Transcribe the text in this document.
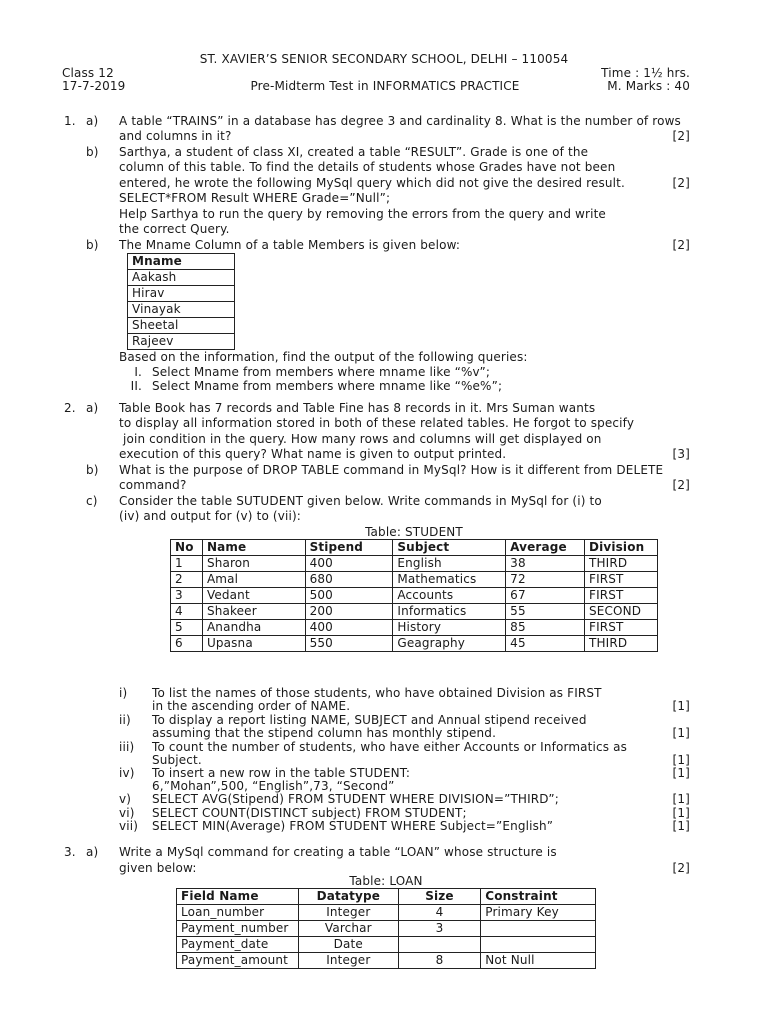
ST. XAVIER’S SENIOR SECONDARY SCHOOL, DELHI – 110054
Class 12
17-7-2019	Pre-Midterm Test in INFORMATICS PRACTICE
Time : 1½ hrs.
M. Marks : 40
1. a) A table “TRAINS” in a database has degree 3 and cardinality 8. What is the number of rows
and columns in it?	[2]
b) Sarthya, a student of class XI, created a table “RESULT”. Grade is one of the
column of this table. To find the details of students whose Grades have not been
entered, he wrote the following MySql query which did not give the desired result.	[2]
SELECT*FROM Result WHERE Grade=”Null”;
Help Sarthya to run the query by removing the errors from the query and write
the correct Query.
b) The Mname Column of a table Members is given below:	[2]
Mname
Aakash
Hirav
Vinayak
Sheetal
Rajeev
Based on the information, find the output of the following queries:
I. Select Mname from members where mname like “%v”;
II. Select Mname from members where mname like “%e%”;
2. a) Table Book has 7 records and Table Fine has 8 records in it. Mrs Suman wants
to display all information stored in both of these related tables. He forgot to specify
join condition in the query. How many rows and columns will get displayed on
execution of this query? What name is given to output printed.	[3]
b) What is the purpose of DROP TABLE command in MySql? How is it different from DELETE
command?	[2]
c) Consider the table SUTUDENT given below. Write commands in MySql for (i) to
(iv) and output for (v) to (vii):
Table: STUDENT
No	Name	Stipend	Subject	Average	Division
1	Sharon	400	English	38	THIRD
2	Amal	680	Mathematics	72	FIRST
3	Vedant	500	Accounts	67	FIRST
4	Shakeer	200	Informatics	55	SECOND
5	Anandha	400	History	85	FIRST
6	Upasna	550	Geagraphy	45	THIRD
i) To list the names of those students, who have obtained Division as FIRST
in the ascending order of NAME.	[1]
ii) To display a report listing NAME, SUBJECT and Annual stipend received
assuming that the stipend column has monthly stipend.	[1]
iii) To count the number of students, who have either Accounts or Informatics as
Subject.	[1]
iv) To insert a new row in the table STUDENT:	[1]
6,”Mohan”,500, “English”,73, “Second”
v) SELECT AVG(Stipend) FROM STUDENT WHERE DIVISION=”THIRD”;	[1]
vi) SELECT COUNT(DISTINCT subject) FROM STUDENT;	[1]
vii) SELECT MIN(Average) FROM STUDENT WHERE Subject=”English”	[1]
3. a) Write a MySql command for creating a table “LOAN” whose structure is
given below:	[2]
Table: LOAN
Field Name	Datatype	Size	Constraint
Loan_number	Integer	4	Primary Key
Payment_number	Varchar	3	
Payment_date	Date		
Payment_amount	Integer	8	Not Null
